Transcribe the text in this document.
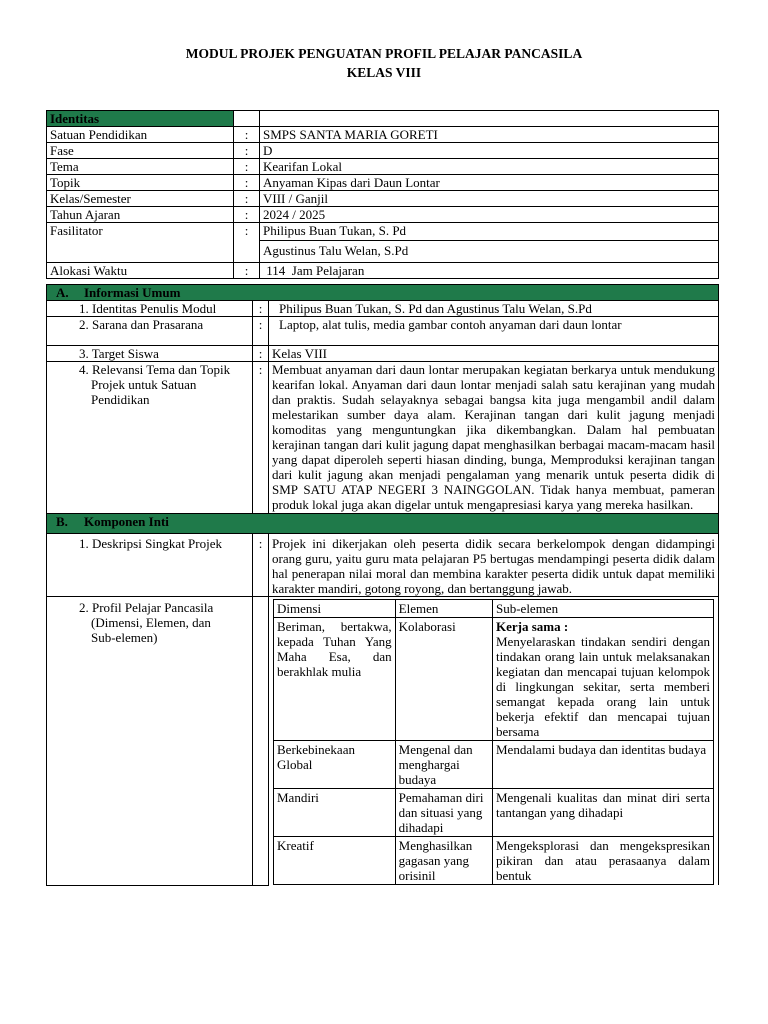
MODUL PROJEK PENGUATAN PROFIL PELAJAR PANCASILA
KELAS VIII
Identitas		
Satuan Pendidikan	:	SMPS SANTA MARIA GORETI
Fase	:	D
Tema	:	Kearifan Lokal
Topik	:	Anyaman Kipas dari Daun Lontar
Kelas/Semester	:	VIII / Ganjil
Tahun Ajaran	:	2024 / 2025
Fasilitator	:	Philipus Buan Tukan, S. Pd
		Agustinus Talu Welan, S.Pd
Alokasi Waktu	:	114  Jam Pelajaran
A. Informasi Umum
1. Identitas Penulis Modul	:	Philipus Buan Tukan, S. Pd dan Agustinus Talu Welan, S.Pd
2. Sarana dan Prasarana	:	Laptop, alat tulis, media gambar contoh anyaman dari daun lontar
3. Target Siswa	:	Kelas VIII
4. Relevansi Tema dan Topik Projek untuk Satuan Pendidikan	:	Membuat anyaman dari daun lontar merupakan kegiatan berkarya untuk mendukung kearifan lokal. Anyaman dari daun lontar menjadi salah satu kerajinan yang mudah dan praktis. Sudah selayaknya sebagai bangsa kita juga mengambil andil dalam melestarikan sumber daya alam. Kerajinan tangan dari kulit jagung menjadi komoditas yang menguntungkan jika dikembangkan. Dalam hal pembuatan kerajinan tangan dari kulit jagung dapat menghasilkan berbagai macam-macam hasil yang dapat diperoleh seperti hiasan dinding, bunga, Memproduksi kerajinan tangan dari kulit jagung akan menjadi pengalaman yang menarik untuk peserta didik di SMP SATU ATAP NEGERI 3 NAINGGOLAN. Tidak hanya membuat, pameran produk lokal juga akan digelar untuk mengapresiasi karya yang mereka hasilkan.
B. Komponen Inti
1. Deskripsi Singkat Projek	:	Projek ini dikerjakan oleh peserta didik secara berkelompok dengan didampingi orang guru, yaitu guru mata pelajaran P5 bertugas mendampingi peserta didik dalam hal penerapan nilai moral dan membina karakter peserta didik untuk dapat memiliki karakter mandiri, gotong royong, dan bertanggung jawab.
2. Profil Pelajar Pancasila (Dimensi, Elemen, dan Sub-elemen)		
Dimensi	Elemen	Sub-elemen
Beriman, bertakwa, kepada Tuhan Yang Maha Esa, dan berakhlak mulia	Kolaborasi	Kerja sama :
Menyelaraskan tindakan sendiri dengan tindakan orang lain untuk melaksanakan kegiatan dan mencapai tujuan kelompok di lingkungan sekitar, serta memberi semangat kepada orang lain untuk bekerja efektif dan mencapai tujuan bersama

Berkebinekaan Global	Mengenal dan menghargai budaya	Mendalami budaya dan identitas budaya
Mandiri	Pemahaman diri dan situasi yang dihadapi	Mengenali kualitas dan minat diri serta tantangan yang dihadapi
Kreatif	Menghasilkan gagasan yang orisinil	Mengeksplorasi dan mengekspresikan pikiran dan atau perasaanya dalam bentuk
